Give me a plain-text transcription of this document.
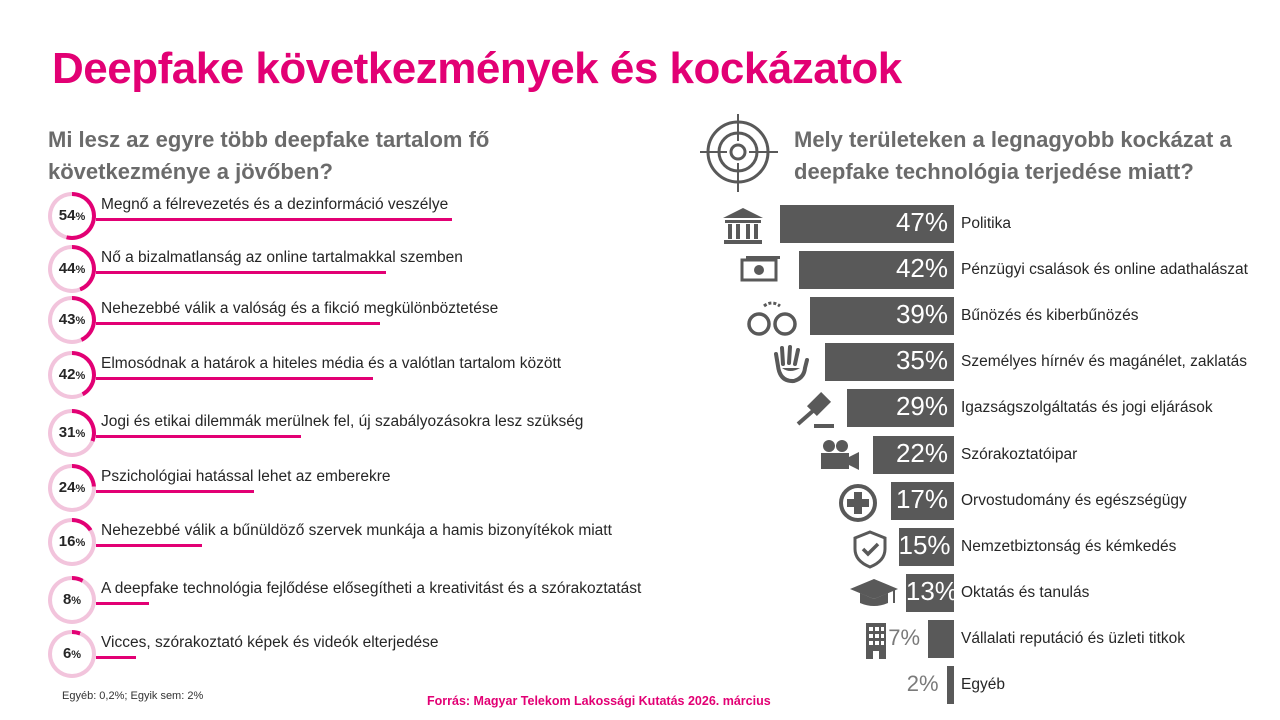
Deepfake következmények és kockázatok
Mi lesz az egyre több deepfake tartalom fő
következménye a jövőben?
Mely területeken a legnagyobb kockázat a
deepfake technológia terjedése miatt?
54%
Megnő a félrevezetés és a dezinformáció veszélye
44%
Nő a bizalmatlanság az online tartalmakkal szemben
43%
Nehezebbé válik a valóság és a fikció megkülönböztetése
42%
Elmosódnak a határok a hiteles média és a valótlan tartalom között
31%
Jogi és etikai dilemmák merülnek fel, új szabályozásokra lesz szükség
24%
Pszichológiai hatással lehet az emberekre
16%
Nehezebbé válik a bűnüldöző szervek munkája a hamis bizonyítékok miatt
8%
A deepfake technológia fejlődése elősegítheti a kreativitást és a szórakoztatást
6%
Vicces, szórakoztató képek és videók elterjedése
47% Politika
42% Pénzügyi csalások és online adathalászat
39% Bűnözés és kiberbűnözés
35% Személyes hírnév és magánélet, zaklatás
29% Igazságszolgáltatás és jogi eljárások
22% Szórakoztatóipar
17% Orvostudomány és egészségügy
15% Nemzetbiztonság és kémkedés
13% Oktatás és tanulás
7%	Vállalati reputáció és üzleti titkok
2% Egyéb
Egyéb: 0,2%; Egyik sem: 2%	Forrás: Magyar Telekom Lakossági Kutatás 2026. március
